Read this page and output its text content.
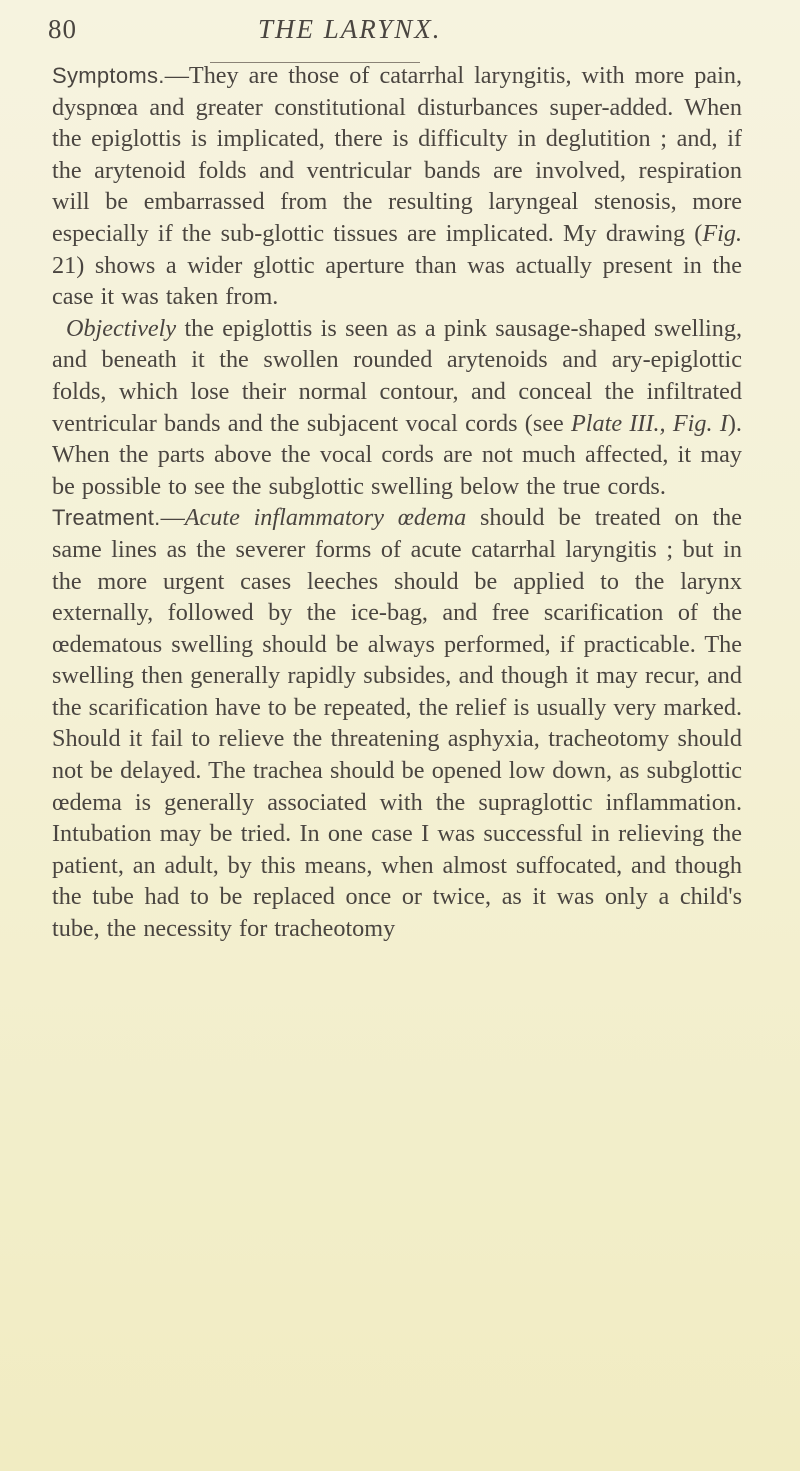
80	THE LARYNX.

Symptoms.—They are those of catarrhal laryngitis, with more pain, dyspnœa and greater constitutional disturbances super-added. When the epiglottis is implicated, there is difficulty in deglutition ; and, if the arytenoid folds and ventricular bands are involved, respiration will be embarrassed from the resulting laryngeal stenosis, more especially if the sub-glottic tissues are implicated. My drawing (Fig. 21) shows a wider glottic aperture than was actually present in the case it was taken from.

Objectively the epiglottis is seen as a pink sausage-shaped swelling, and beneath it the swollen rounded arytenoids and ary-epiglottic folds, which lose their normal contour, and conceal the infiltrated ventricular bands and the subjacent vocal cords (see Plate III., Fig. I). When the parts above the vocal cords are not much affected, it may be possible to see the subglottic swelling below the true cords.

Treatment.—Acute inflammatory œdema should be treated on the same lines as the severer forms of acute catarrhal laryngitis ; but in the more urgent cases leeches should be applied to the larynx externally, followed by the ice-bag, and free scarification of the œdematous swelling should be always performed, if practicable. The swelling then generally rapidly subsides, and though it may recur, and the scarification have to be repeated, the relief is usually very marked. Should it fail to relieve the threatening asphyxia, tracheotomy should not be delayed. The trachea should be opened low down, as subglottic œdema is generally associated with the supraglottic inflammation. Intubation may be tried. In one case I was successful in relieving the patient, an adult, by this means, when almost suffocated, and though the tube had to be replaced once or twice, as it was only a child's tube, the necessity for tracheotomy
